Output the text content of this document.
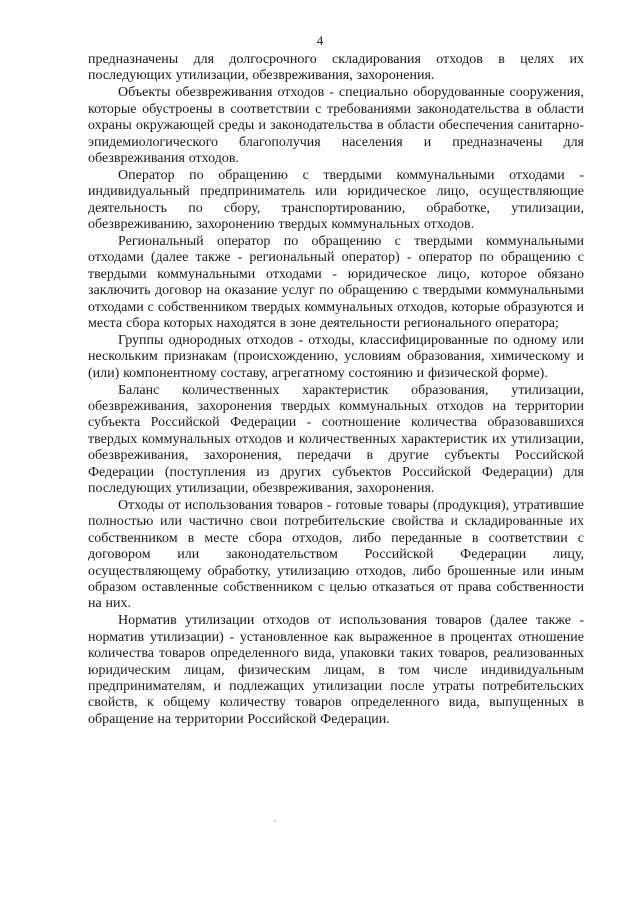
4

предназначены для долгосрочного складирования отходов в целях их последующих утилизации, обезвреживания, захоронения.

Объекты обезвреживания отходов - специально оборудованные сооружения, которые обустроены в соответствии с требованиями законодательства в области охраны окружающей среды и законодательства в области обеспечения санитарно-эпидемиологического благополучия населения и предназначены для обезвреживания отходов.

Оператор по обращению с твердыми коммунальными отходами - индивидуальный предприниматель или юридическое лицо, осуществляющие деятельность по сбору, транспортированию, обработке, утилизации, обезвреживанию, захоронению твердых коммунальных отходов.

Региональный оператор по обращению с твердыми коммунальными отходами (далее также - региональный оператор) - оператор по обращению с твердыми коммунальными отходами - юридическое лицо, которое обязано заключить договор на оказание услуг по обращению с твердыми коммунальными отходами с собственником твердых коммунальных отходов, которые образуются и места сбора которых находятся в зоне деятельности регионального оператора;

Группы однородных отходов - отходы, классифицированные по одному или нескольким признакам (происхождению, условиям образования, химическому и (или) компонентному составу, агрегатному состоянию и физической форме).

Баланс количественных характеристик образования, утилизации, обезвреживания, захоронения твердых коммунальных отходов на территории субъекта Российской Федерации - соотношение количества образовавшихся твердых коммунальных отходов и количественных характеристик их утилизации, обезвреживания, захоронения, передачи в другие субъекты Российской Федерации (поступления из других субъектов Российской Федерации) для последующих утилизации, обезвреживания, захоронения.

Отходы от использования товаров - готовые товары (продукция), утратившие полностью или частично свои потребительские свойства и складированные их собственником в месте сбора отходов, либо переданные в соответствии с договором или законодательством Российской Федерации лицу, осуществляющему обработку, утилизацию отходов, либо брошенные или иным образом оставленные собственником с целью отказаться от права собственности на них.

Норматив утилизации отходов от использования товаров (далее также - норматив утилизации) - установленное как выраженное в процентах отношение количества товаров определенного вида, упаковки таких товаров, реализованных юридическим лицам, физическим лицам, в том числе индивидуальным предпринимателям, и подлежащих утилизации после утраты потребительских свойств, к общему количеству товаров определенного вида, выпущенных в обращение на территории Российской Федерации.
